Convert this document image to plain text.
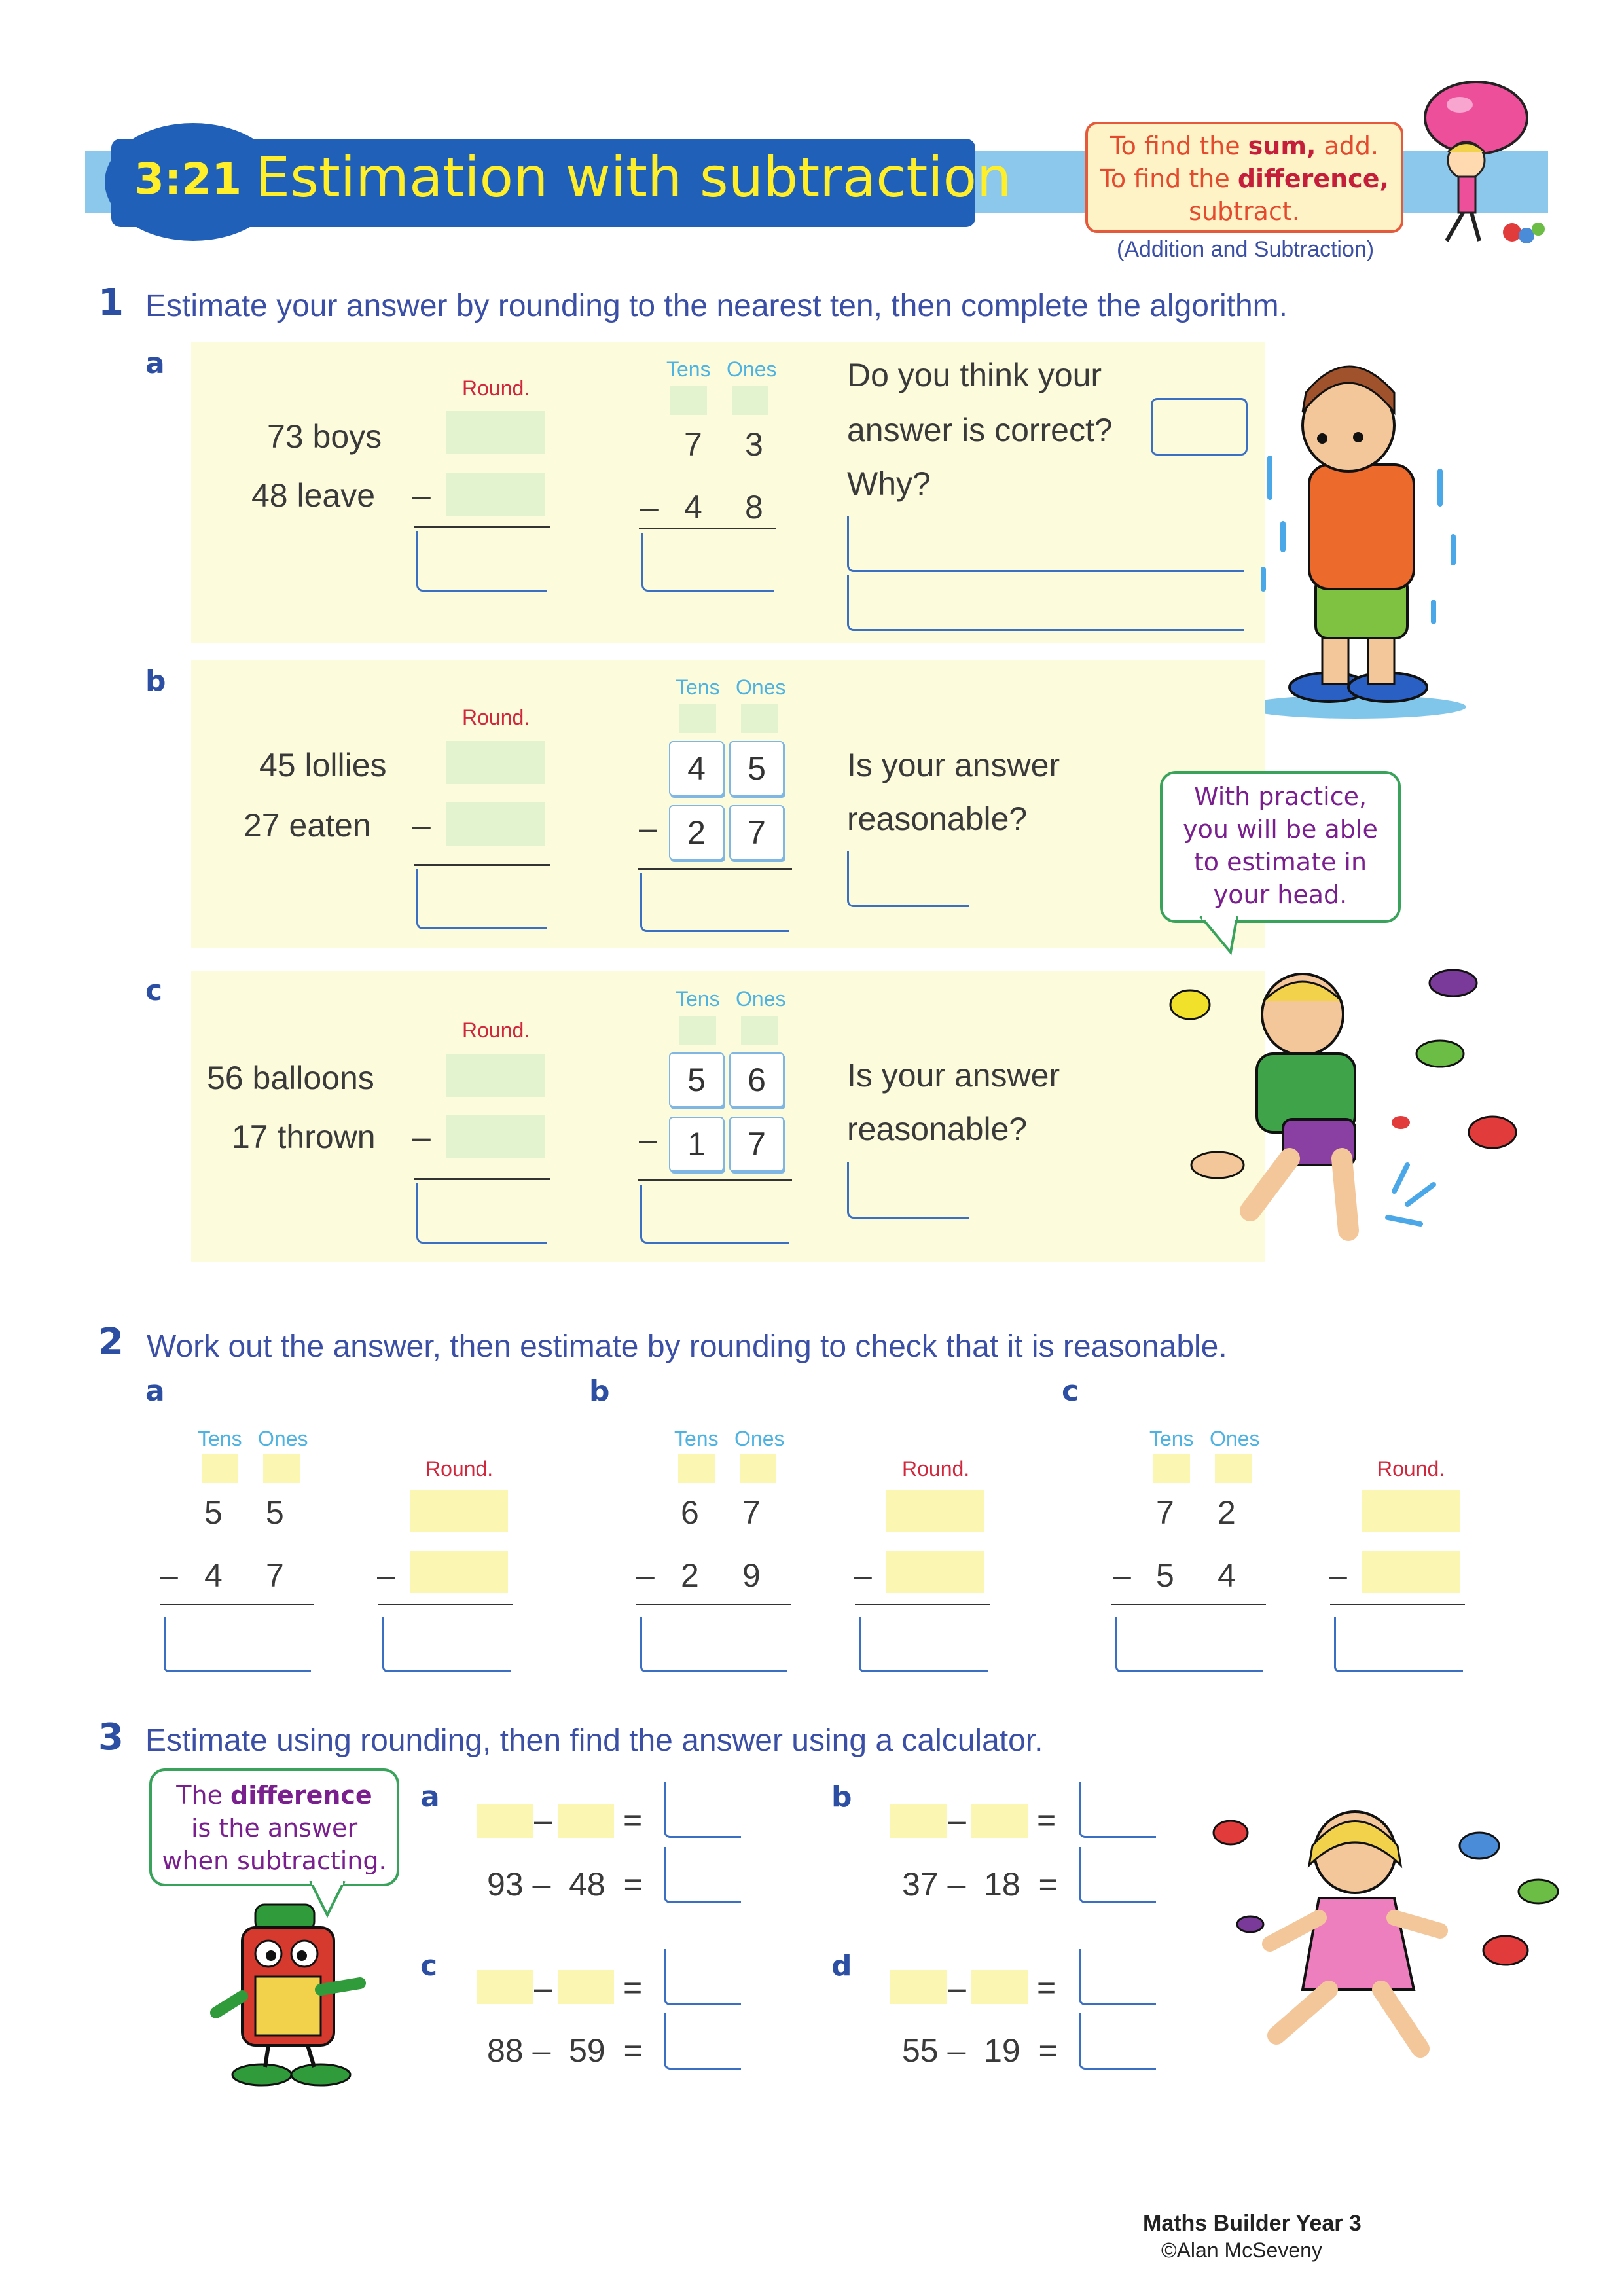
3:21 Estimation with subtraction	To find the sum, add.
To find the difference,
subtract.
(Addition and Subtraction)
1 Estimate your answer by rounding to the nearest ten, then complete the algorithm.
a
Round.
73 boys
48 leave –
Tens Ones
7 3
– 4 8
Do you think your
answer is correct?
Why?
b
Round.
45 lollies
27 eaten –
Tens Ones
4	5
– 2	7
Is your answer
reasonable?
With practice,
you will be able
to estimate in
your head.
c
Round.
56 balloons
17 thrown –
Tens Ones
5	6
– 1	7
Is your answer
reasonable?
2 Work out the answer, then estimate by rounding to check that it is reasonable.
a
Tens Ones
5 5
– 4 7
Round.
–
b
Tens Ones
6 7
– 2 9
Round.
–
c
Tens Ones
7 2
– 5 4
Round.
–
3 Estimate using rounding, then find the answer using a calculator.
The difference
is the answer
when subtracting.
a
– =
93 –  48  =
b
– =
37 –  18  =
c
– =
88 –  59  =
d
– =
55 –  19  =
Maths Builder Year 3
©Alan McSeveny
